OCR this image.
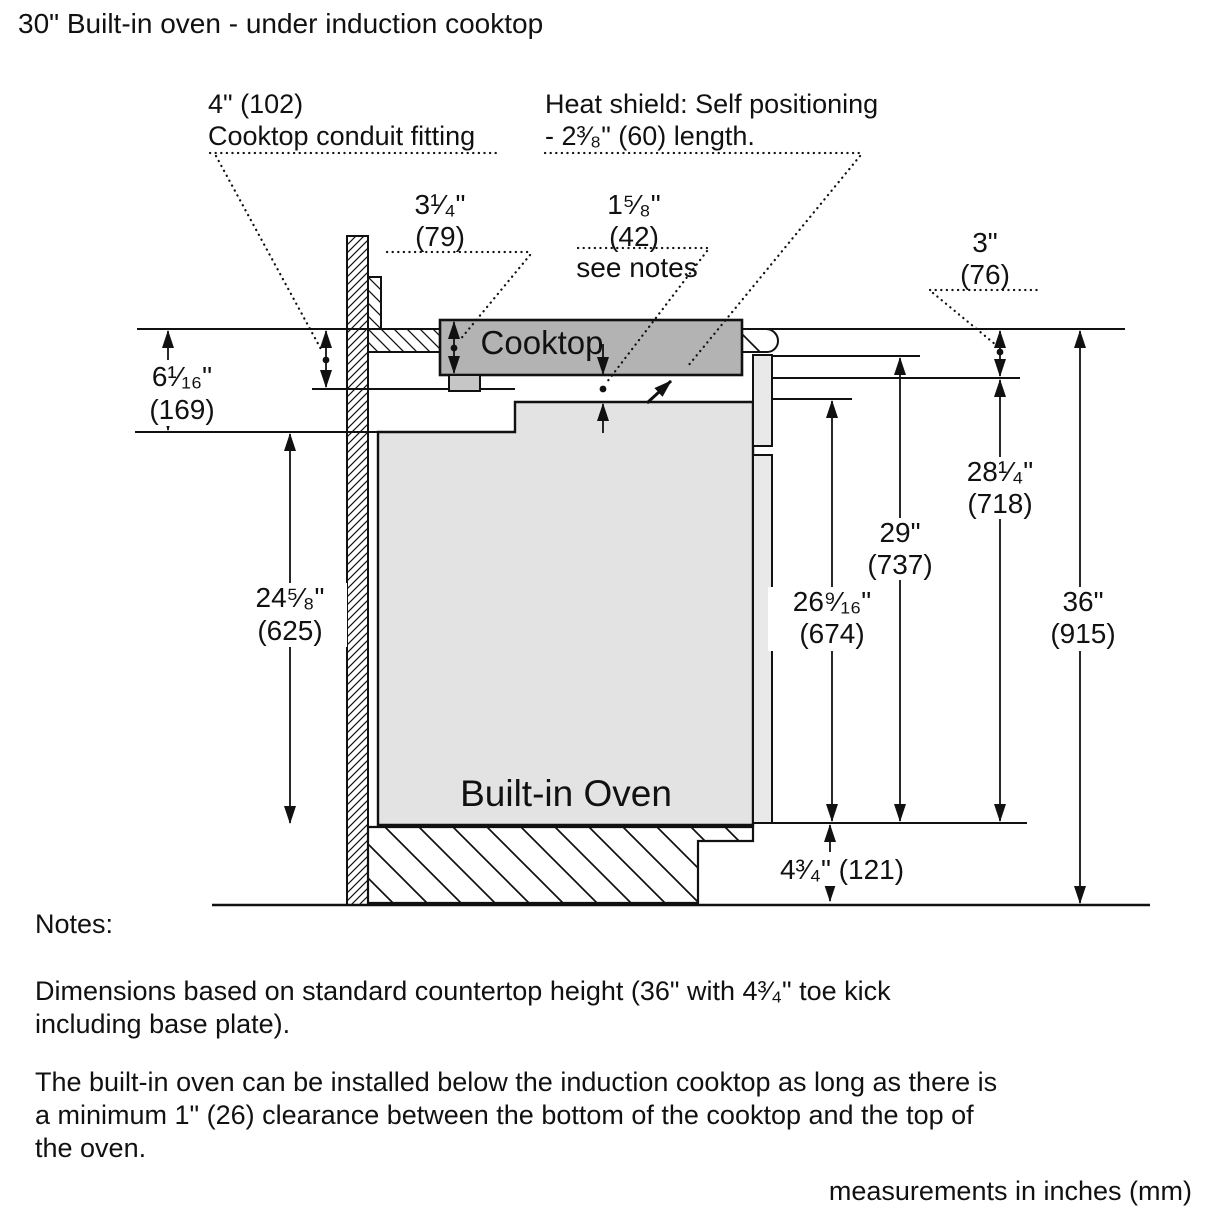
30" Built-in oven - under induction cooktop
Cooktop
Built-in Oven
4" (102)
Cooktop conduit fitting
Heat shield: Self positioning
- 2³⁄₈" (60) length.
3¹⁄₄"
(79)
1⁵⁄₈"
(42)
see notes
3"
(76)
6¹⁄₁₆"
(169)
24⁵⁄₈"
(625)
26⁹⁄₁₆"
(674)
29"
(737)
28¹⁄₄"
(718)
36"
(915)
4³⁄₄" (121)
Notes:
Dimensions based on standard countertop height (36" with 4³⁄₄" toe kick
including base plate).
The built-in oven can be installed below the induction cooktop as long as there is
a minimum 1" (26) clearance between the bottom of the cooktop and the top of
the oven.
measurements in inches (mm)
